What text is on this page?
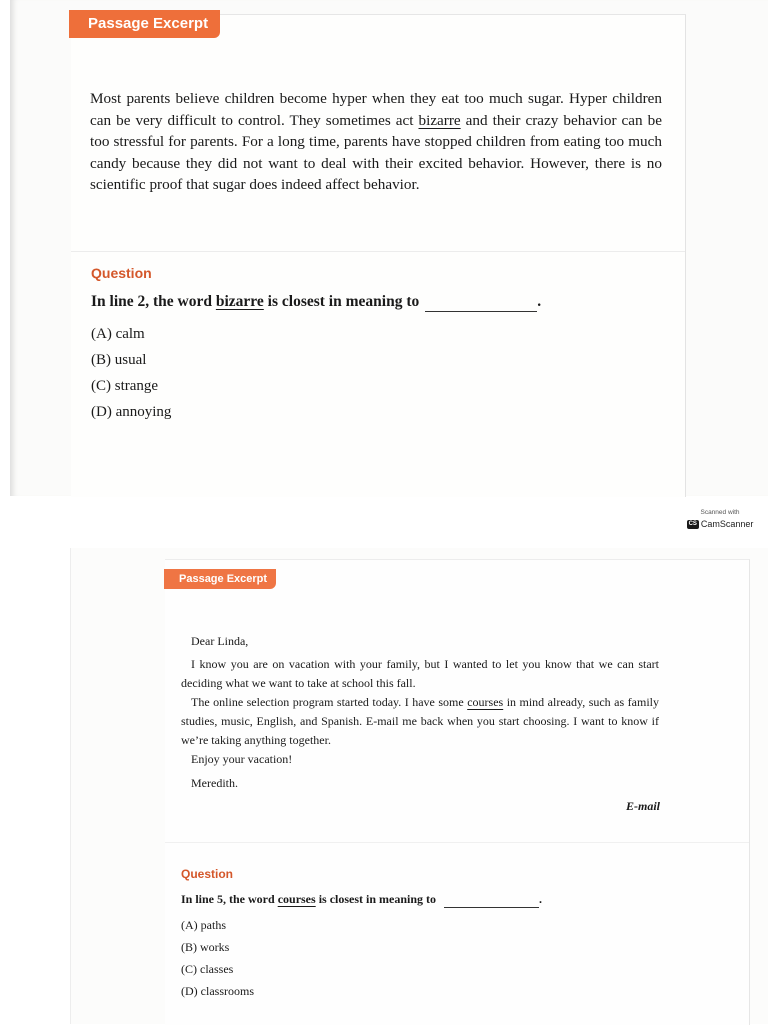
Passage Excerpt
Most parents believe children become hyper when they eat too much sugar. Hyper children can be very difficult to control. They sometimes act bizarre and their crazy behavior can be too stressful for parents. For a long time, parents have stopped children from eating too much candy because they did not want to deal with their excited behavior. However, there is no scientific proof that sugar does indeed affect behavior.
Question
In line 2, the word bizarre is closest in meaning to	.
(A) calm
(B) usual
(C) strange
(D) annoying
Scanned with
CS CamScanner
Passage Excerpt

Dear Linda,

I know you are on vacation with your family, but I wanted to let you know that we can start deciding what we want to take at school this fall.

The online selection program started today. I have some courses in mind already, such as family studies, music, English, and Spanish. E-mail me back when you start choosing. I want to know if we’re taking anything together.

Enjoy your vacation!

Meredith.

E-mail
Question
In line 5, the word courses is closest in meaning to	.
(A) paths
(B) works
(C) classes
(D) classrooms
